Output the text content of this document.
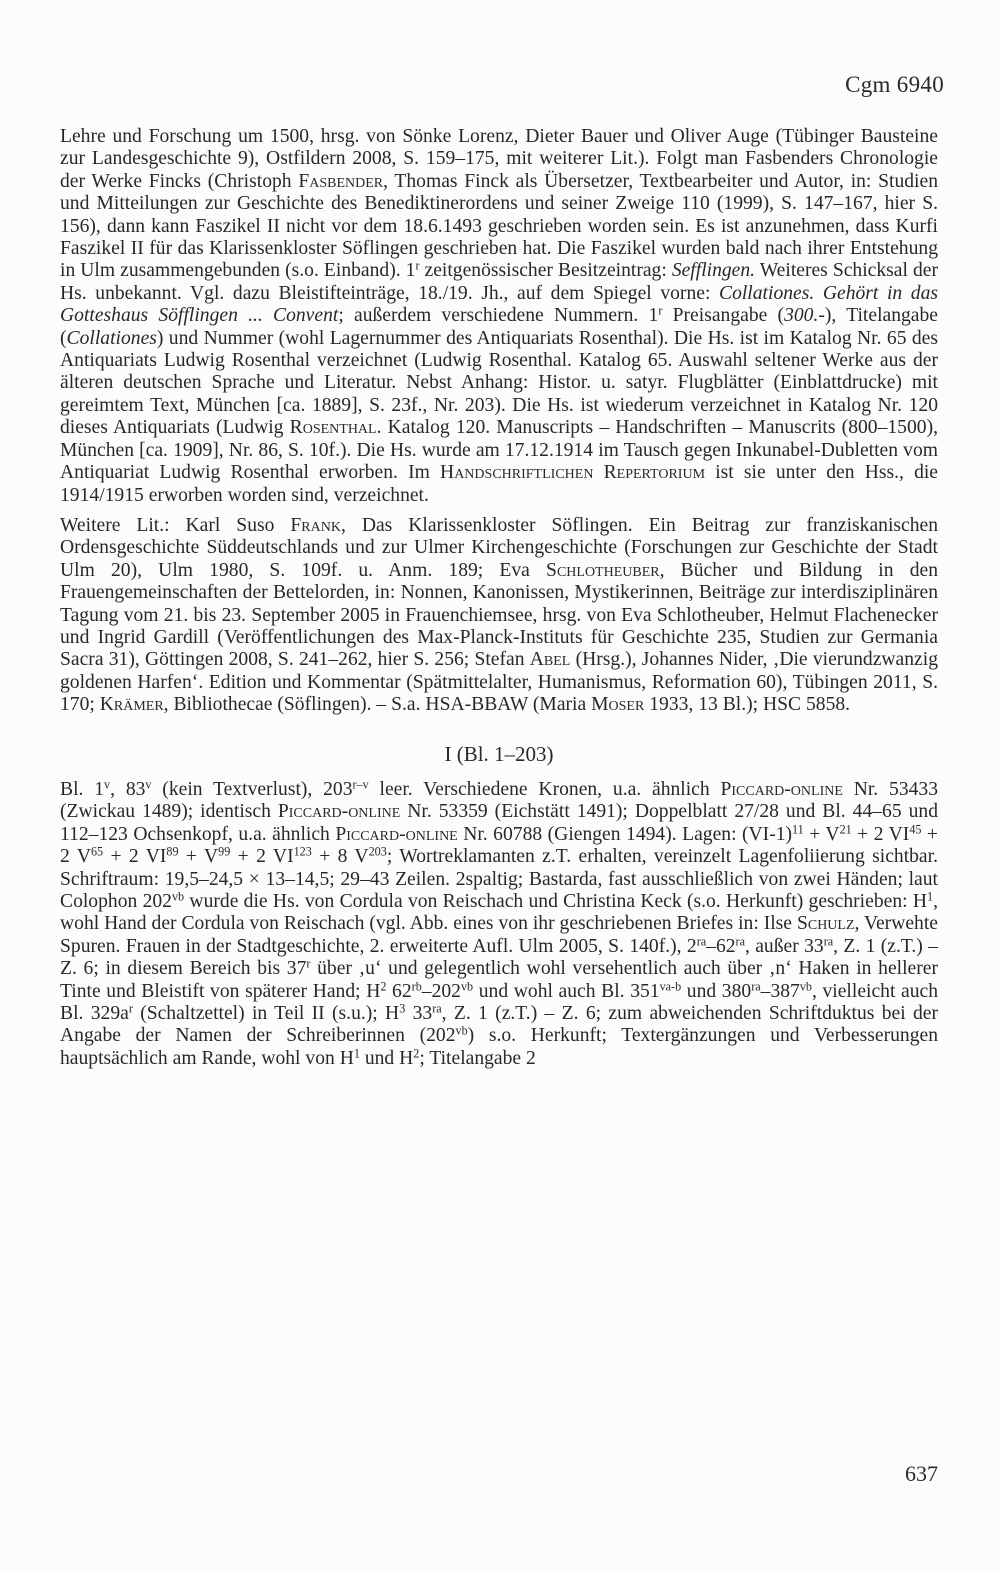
Cgm 6940

Lehre und Forschung um 1500, hrsg. von Sönke Lorenz, Dieter Bauer und Oliver Auge (Tübinger Bausteine zur Landesgeschichte 9), Ostfildern 2008, S. 159–175, mit weiterer Lit.). Folgt man Fasbenders Chronologie der Werke Fincks (Christoph Fasbender, Thomas Finck als Übersetzer, Textbearbeiter und Autor, in: Studien und Mitteilungen zur Geschichte des Benediktinerordens und seiner Zweige 110 (1999), S. 147–167, hier S. 156), dann kann Faszikel II nicht vor dem 18.6.1493 geschrieben worden sein. Es ist anzunehmen, dass Kurfi Faszikel II für das Klarissenkloster Söflingen geschrieben hat. Die Faszikel wurden bald nach ihrer Entstehung in Ulm zusammengebunden (s.o. Einband). 1$^r$ zeitgenössischer Besitzeintrag: Sefflingen. Weiteres Schicksal der Hs. unbekannt. Vgl. dazu Bleistifteinträge, 18./19. Jh., auf dem Spiegel vorne: Collationes. Gehört in das Gotteshaus Söfflingen ... Convent; außerdem verschiedene Nummern. 1$^r$ Preisangabe (300.-), Titelangabe (Collationes) und Nummer (wohl Lagernummer des Antiquariats Rosenthal). Die Hs. ist im Katalog Nr. 65 des Antiquariats Ludwig Rosenthal verzeichnet (Ludwig Rosenthal. Katalog 65. Auswahl seltener Werke aus der älteren deutschen Sprache und Literatur. Nebst Anhang: Histor. u. satyr. Flugblätter (Einblattdrucke) mit gereimtem Text, München [ca. 1889], S. 23f., Nr. 203). Die Hs. ist wiederum verzeichnet in Katalog Nr. 120 dieses Antiquariats (Ludwig Rosenthal. Katalog 120. Manuscripts – Handschriften – Manuscrits (800–1500), München [ca. 1909], Nr. 86, S. 10f.). Die Hs. wurde am 17.12.1914 im Tausch gegen Inkunabel-Dubletten vom Antiquariat Ludwig Rosenthal erworben. Im Handschriftlichen Repertorium ist sie unter den Hss., die 1914/1915 erworben worden sind, verzeichnet.

Weitere Lit.: Karl Suso Frank, Das Klarissenkloster Söflingen. Ein Beitrag zur franziskanischen Ordensgeschichte Süddeutschlands und zur Ulmer Kirchengeschichte (Forschungen zur Geschichte der Stadt Ulm 20), Ulm 1980, S. 109f. u. Anm. 189; Eva Schlotheuber, Bücher und Bildung in den Frauengemeinschaften der Bettelorden, in: Nonnen, Kanonissen, Mystikerinnen, Beiträge zur interdisziplinären Tagung vom 21. bis 23. September 2005 in Frauenchiemsee, hrsg. von Eva Schlotheuber, Helmut Flachenecker und Ingrid Gardill (Veröffentlichungen des Max-Planck-Instituts für Geschichte 235, Studien zur Germania Sacra 31), Göttingen 2008, S. 241–262, hier S. 256; Stefan Abel (Hrsg.), Johannes Nider, ‚Die vierundzwanzig goldenen Harfen‘. Edition und Kommentar (Spätmittelalter, Humanismus, Reformation 60), Tübingen 2011, S. 170; Krämer, Bibliothecae (Söflingen). – S.a. HSA-BBAW (Maria Moser 1933, 13 Bl.); HSC 5858.

I (Bl. 1–203)

Bl. 1$^v$, 83$^v$ (kein Textverlust), 203$^{r-v}$ leer. Verschiedene Kronen, u.a. ähnlich Piccard-online Nr. 53433 (Zwickau 1489); identisch Piccard-online Nr. 53359 (Eichstätt 1491); Doppelblatt 27/28 und Bl. 44–65 und 112–123 Ochsenkopf, u.a. ähnlich Piccard-online Nr. 60788 (Giengen 1494). Lagen: $(VI-1)^{11} + V^{21} + 2$ $VI^{45} + 2$ $V^{65} + 2$ $VI^{89} + V^{99} + 2$ $VI^{123} + 8$ $V^{203}$; Wortreklamanten z.T. erhalten, vereinzelt Lagenfoliierung sichtbar. Schriftraum: 19,5–24,5 × 13–14,5; 29–43 Zeilen. 2spaltig; Bastarda, fast ausschließlich von zwei Händen; laut Colophon $202^{vb}$ wurde die Hs. von Cordula von Reischach und Christina Keck (s.o. Herkunft) geschrieben: $H^1$, wohl Hand der Cordula von Reischach (vgl. Abb. eines von ihr geschriebenen Briefes in: Ilse Schulz, Verwehte Spuren. Frauen in der Stadtgeschichte, 2. erweiterte Aufl. Ulm 2005, S. 140f.), $2^{ra}-62^{ra}$, außer $33^{ra}$, Z. 1 (z.T.) – Z. 6; in diesem Bereich bis 37$^r$ über ‚u‘ und gelegentlich wohl versehentlich auch über ‚n‘ Haken in hellerer Tinte und Bleistift von späterer Hand; $H^2$ $62^{rb}-202^{vb}$ und wohl auch Bl. $351^{va-b}$ und $380^{ra}-387^{vb}$, vielleicht auch Bl. $329a^r$ (Schaltzettel) in Teil II (s.u.); $H^3$ $33^{ra}$, Z. 1 (z.T.) – Z. 6; zum abweichenden Schriftduktus bei der Angabe der Namen der Schreiberinnen $(202^{vb})$ s.o. Herkunft; Textergänzungen und Verbesserungen hauptsächlich am Rande, wohl von $H^1$ und $H^2$; Titelangabe 2

637
